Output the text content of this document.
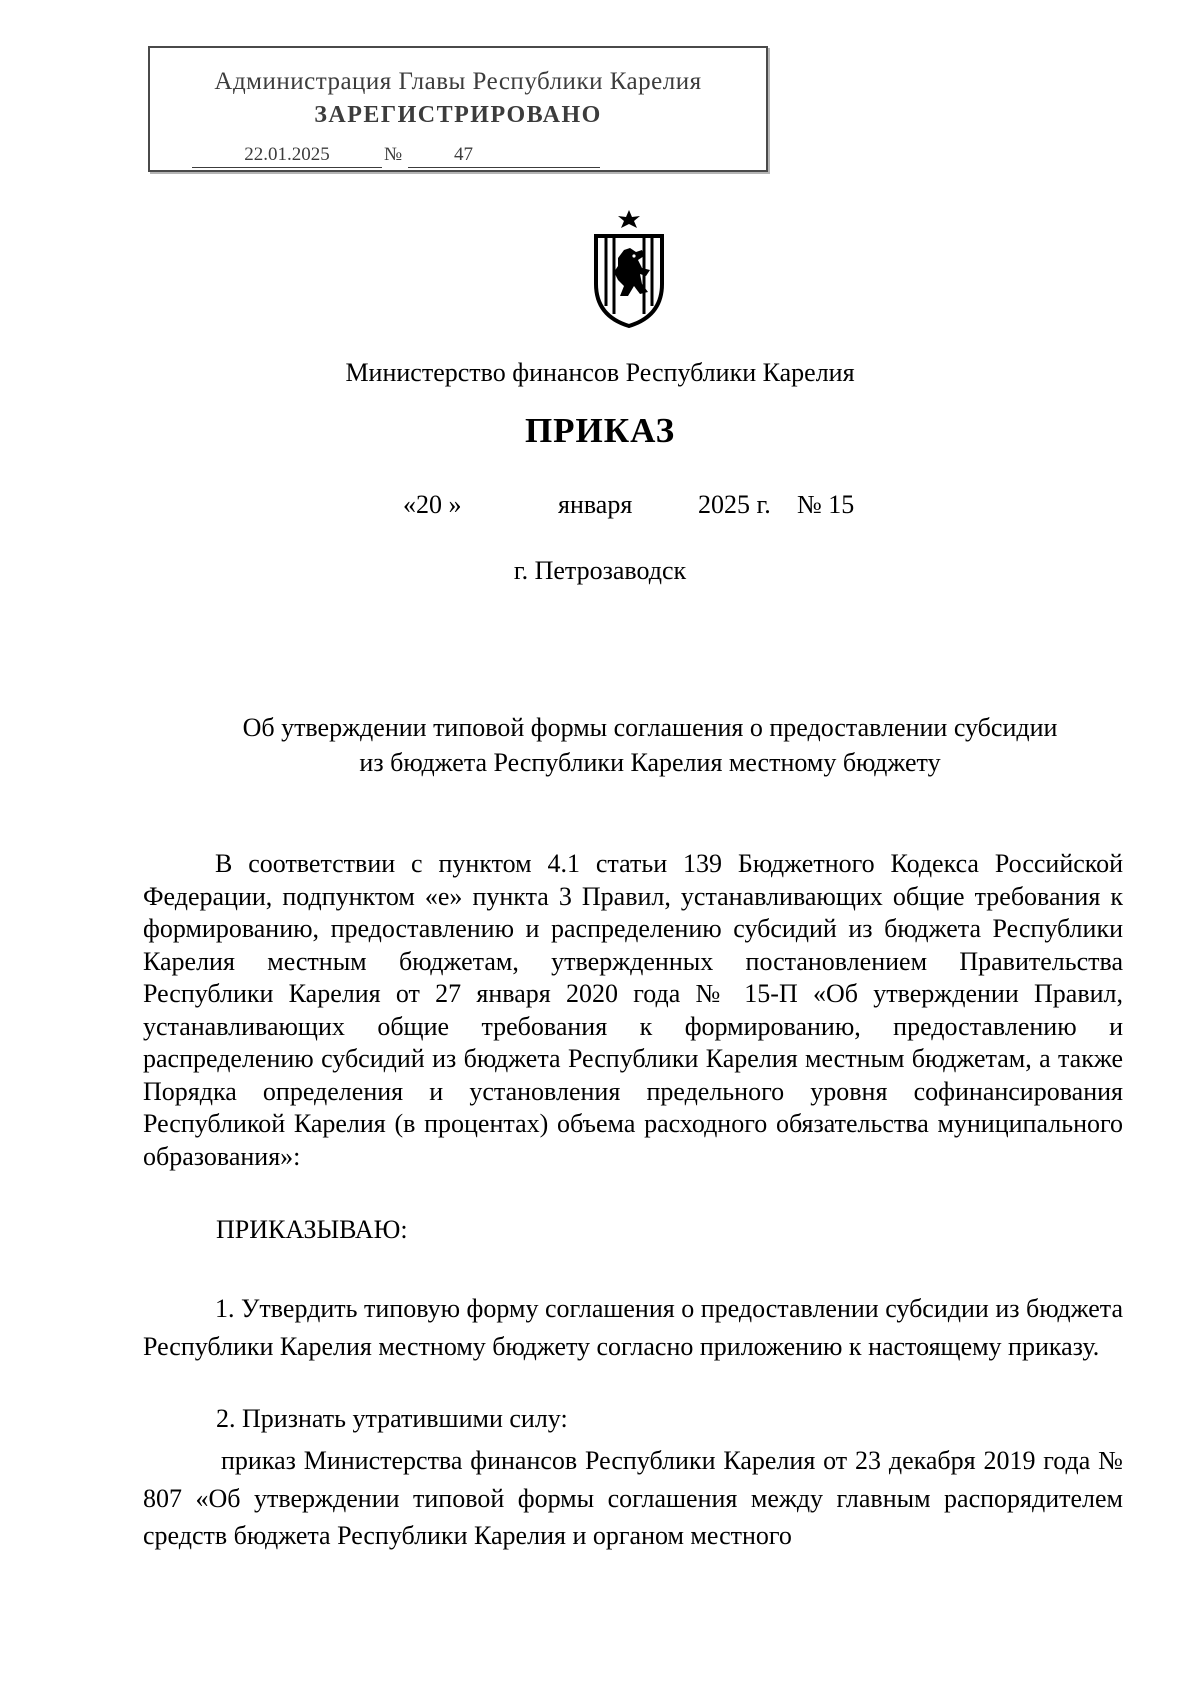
Администрация Главы Республики Карелия
ЗАРЕГИСТРИРОВАНО
22.01.2025	№	47
Министерство финансов Республики Карелия
ПРИКАЗ
«20 »	января	2025 г. № 15
г. Петрозаводск
Об утверждении типовой формы соглашения о предоставлении субсидии
из бюджета Республики Карелия местному бюджету
В соответствии с пунктом 4.1 статьи 139 Бюджетного Кодекса Российской Федерации, подпунктом «е» пункта 3 Правил, устанавливающих общие требования к формированию, предоставлению и распределению субсидий из бюджета Республики Карелия местным бюджетам, утвержденных постановлением Правительства Республики Карелия от 27 января 2020 года № 15-П «Об утверждении Правил, устанавливающих общие требования к формированию, предоставлению и распределению субсидий из бюджета Республики Карелия местным бюджетам, а также Порядка определения и установления предельного уровня софинансирования Республикой Карелия (в процентах) объема расходного обязательства муниципального образования»:
ПРИКАЗЫВАЮ:
1. Утвердить типовую форму соглашения о предоставлении субсидии из бюджета Республики Карелия местному бюджету согласно приложению к настоящему приказу.
2. Признать утратившими силу:
приказ Министерства финансов Республики Карелия от 23 декабря 2019 года № 807 «Об утверждении типовой формы соглашения между главным распорядителем средств бюджета Республики Карелия и органом местного
